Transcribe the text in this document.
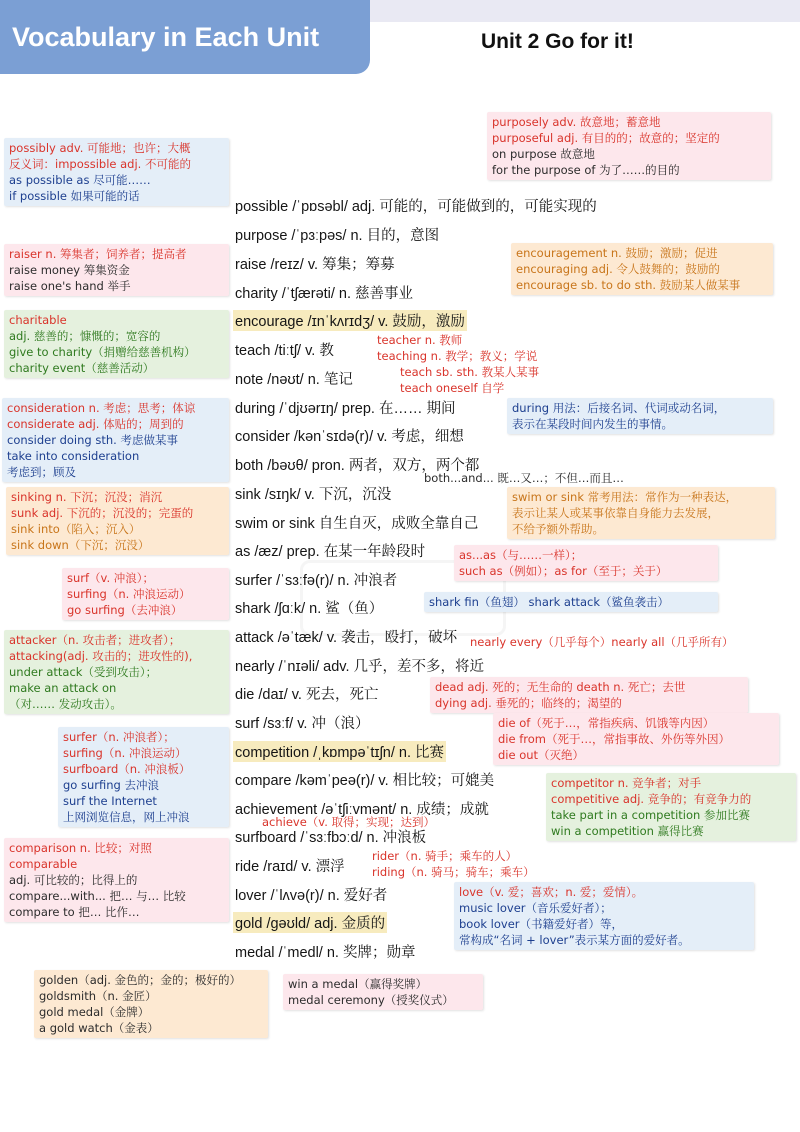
Vocabulary in Each Unit	Unit 2 Go for it!
possible /ˈpɒsəbl/ adj. 可能的，可能做到的，可能实现的
purpose /ˈpɜːpəs/ n. 目的，意图
raise /reɪz/ v. 筹集；筹募
charity /ˈtʃærəti/ n. 慈善事业
encourage /ɪnˈkʌrɪdʒ/ v. 鼓励，激励
teach /tiːtʃ/ v. 教
note /nəʊt/ n. 笔记
during /ˈdjʊərɪŋ/ prep. 在…… 期间
consider /kənˈsɪdə(r)/ v. 考虑，细想
both /bəʊθ/ pron. 两者，双方，两个都
sink /sɪŋk/ v. 下沉，沉没
swim or sink 自生自灭，成败全靠自己
as /æz/ prep. 在某一年龄段时
surfer /ˈsɜːfə(r)/ n. 冲浪者
shark /ʃɑːk/ n. 鲨（鱼）
attack /əˈtæk/ v. 袭击，殴打，破坏
nearly /ˈnɪəli/ adv. 几乎，差不多，将近
die /daɪ/ v. 死去，死亡
surf /sɜːf/ v. 冲（浪）
competition /ˌkɒmpəˈtɪʃn/ n. 比赛
compare /kəmˈpeə(r)/ v. 相比较；可媲美
achievement /əˈtʃiːvmənt/ n. 成绩；成就
surfboard /ˈsɜːfbɔːd/ n. 冲浪板
ride /raɪd/ v. 漂浮
lover /ˈlʌvə(r)/ n. 爱好者
gold /ɡəʊld/ adj. 金质的
medal /ˈmedl/ n. 奖牌；勋章
possibly adv. 可能地；也许；大概
反义词：impossible adj. 不可能的
as possible as 尽可能……
if possible 如果可能的话
raiser n. 筹集者；饲养者；提高者
raise money 筹集资金
raise one's hand 举手
charitable
adj. 慈善的；慷慨的；宽容的
give to charity（捐赠给慈善机构）
charity event（慈善活动）
consideration n. 考虑；思考；体谅
considerate adj. 体贴的；周到的
consider doing sth. 考虑做某事
take into consideration
考虑到；顾及
sinking n. 下沉；沉没；消沉
sunk adj. 下沉的；沉没的；完蛋的
sink into（陷入；沉入）
sink down（下沉；沉没）
surf（v. 冲浪）；
surfing（n. 冲浪运动）
go surfing（去冲浪）
attacker（n. 攻击者；进攻者）；
attacking(adj. 攻击的；进攻性的),
under attack（受到攻击）；
make an attack on
（对…… 发动攻击）。
surfer（n. 冲浪者）；
surfing（n. 冲浪运动）
surfboard（n. 冲浪板）
go surfing 去冲浪
surf the Internet
上网浏览信息，网上冲浪
comparison n. 比较；对照
comparable
adj. 可比较的；比得上的
compare...with... 把… 与… 比较
compare to 把… 比作…
golden（adj. 金色的；金的；极好的）
goldsmith（n. 金匠）
gold medal（金牌）
a gold watch（金表）
win a medal（赢得奖牌）
medal ceremony（授奖仪式）
purposely adv. 故意地；蓄意地
purposeful adj. 有目的的；故意的；坚定的
on purpose 故意地
for the purpose of 为了……的目的
encouragement n. 鼓励；激励；促进
encouraging adj. 令人鼓舞的；鼓励的
encourage sb. to do sth. 鼓励某人做某事
teacher n. 教师
teaching n. 教学；教义；学说
teach sb. sth. 教某人某事
teach oneself 自学
during 用法：后接名词、代词或动名词，
表示在某段时间内发生的事情。
both...and... 既…又…；不但…而且…
swim or sink 常考用法：常作为一种表达，
表示让某人或某事依靠自身能力去发展，
不给予额外帮助。
as...as（与……一样）；
such as（例如）；as for（至于；关于）
shark fin（鱼翅） shark attack（鲨鱼袭击）
nearly every（几乎每个）nearly all（几乎所有）
dead adj. 死的；无生命的 death n. 死亡；去世
dying adj. 垂死的；临终的；渴望的
die of（死于…，常指疾病、饥饿等内因）
die from（死于…，常指事故、外伤等外因）
die out（灭绝）
competitor n. 竞争者；对手
competitive adj. 竞争的；有竞争力的
take part in a competition 参加比赛
win a competition 赢得比赛
achieve（v. 取得；实现；达到）
rider（n. 骑手；乘车的人）
riding（n. 骑马；骑车；乘车）
love（v. 爱；喜欢；n. 爱；爱情）。
music lover（音乐爱好者）；
book lover（书籍爱好者）等，
常构成“名词 + lover”表示某方面的爱好者。
